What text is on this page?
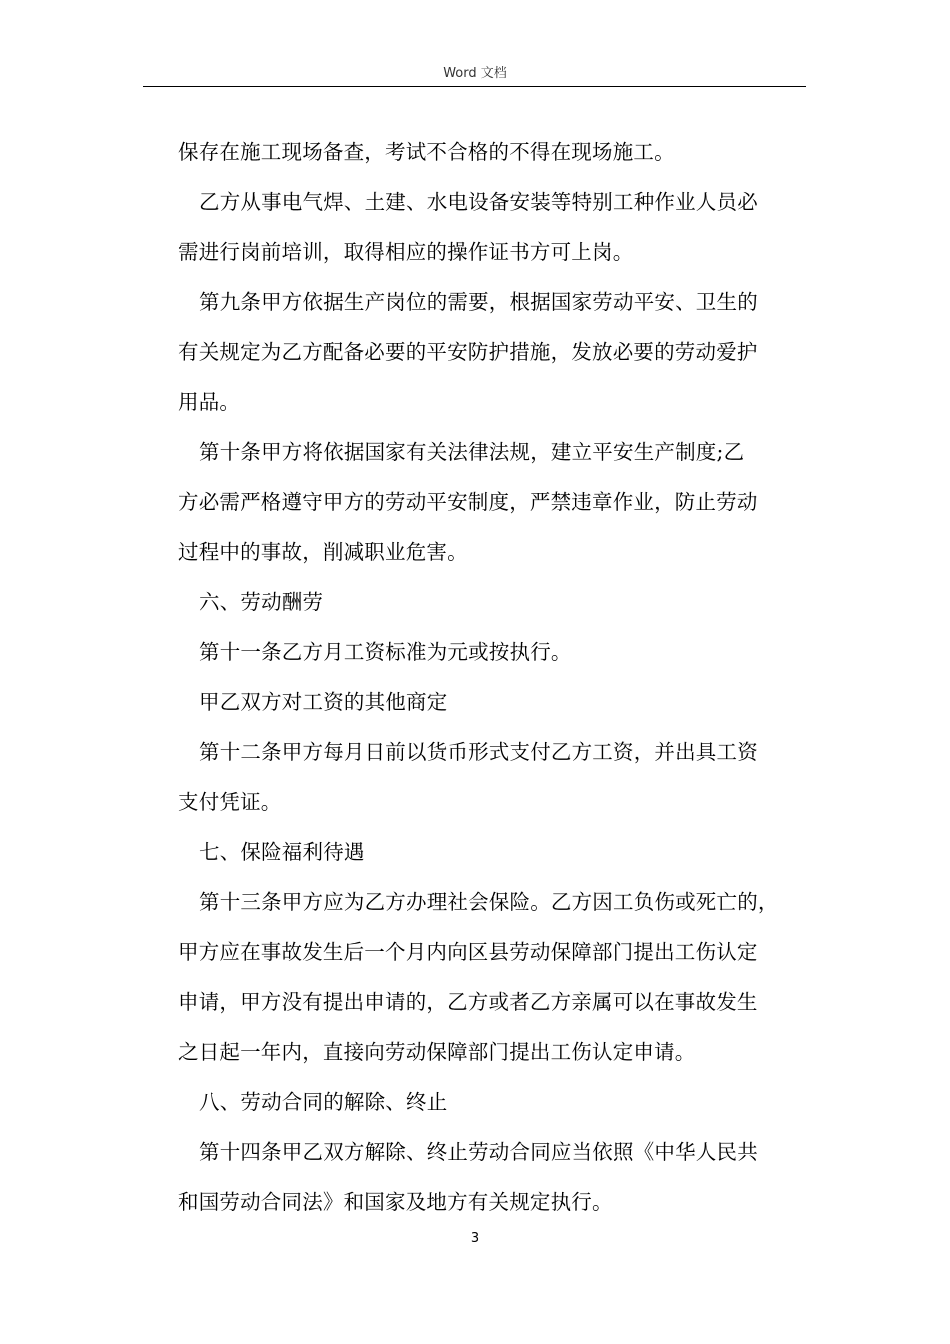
Word 文档
保存在施工现场备查，考试不合格的不得在现场施工。
乙方从事电气焊、土建、水电设备安装等特别工种作业人员必
需进行岗前培训，取得相应的操作证书方可上岗。
第九条甲方依据生产岗位的需要，根据国家劳动平安、卫生的
有关规定为乙方配备必要的平安防护措施，发放必要的劳动爱护
用品。
第十条甲方将依据国家有关法律法规，建立平安生产制度;乙
方必需严格遵守甲方的劳动平安制度，严禁违章作业，防止劳动
过程中的事故，削减职业危害。
六、劳动酬劳
第十一条乙方月工资标准为元或按执行。
甲乙双方对工资的其他商定
第十二条甲方每月日前以货币形式支付乙方工资，并出具工资
支付凭证。
七、保险福利待遇
第十三条甲方应为乙方办理社会保险。乙方因工负伤或死亡的，
甲方应在事故发生后一个月内向区县劳动保障部门提出工伤认定
申请，甲方没有提出申请的，乙方或者乙方亲属可以在事故发生
之日起一年内，直接向劳动保障部门提出工伤认定申请。
八、劳动合同的解除、终止
第十四条甲乙双方解除、终止劳动合同应当依照《中华人民共
和国劳动合同法》和国家及地方有关规定执行。
3
